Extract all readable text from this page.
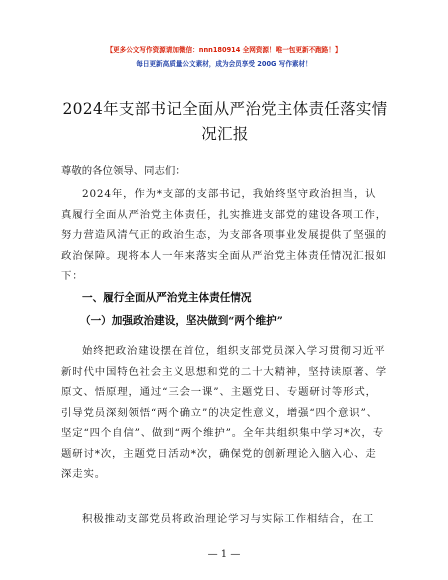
【更多公文写作资源请加微信：nnn180914 全网资源！唯一包更新不跑路！】
每日更新高质量公文素材，成为会员享受 200G 写作素材！
2024年支部书记全面从严治党主体责任落实情况汇报
尊敬的各位领导、同志们：
2024年，作为*支部的支部书记，我始终坚守政治担当，认真履行全面从严治党主体责任，扎实推进支部党的建设各项工作，努力营造风清气正的政治生态，为支部各项事业发展提供了坚强的政治保障。现将本人一年来落实全面从严治党主体责任情况汇报如下：
一、履行全面从严治党主体责任情况
（一）加强政治建设，坚决做到“两个维护”
始终把政治建设摆在首位，组织支部党员深入学习贯彻习近平新时代中国特色社会主义思想和党的二十大精神，坚持读原著、学原文、悟原理，通过“三会一课”、主题党日、专题研讨等形式，引导党员深刻领悟“两个确立”的决定性意义，增强“四个意识”、坚定“四个自信”、做到“两个维护”。全年共组织集中学习*次，专题研讨*次，主题党日活动*次，确保党的创新理论入脑入心、走深走实。
积极推动支部党员将政治理论学习与实际工作相结合，在工
— 1 —
